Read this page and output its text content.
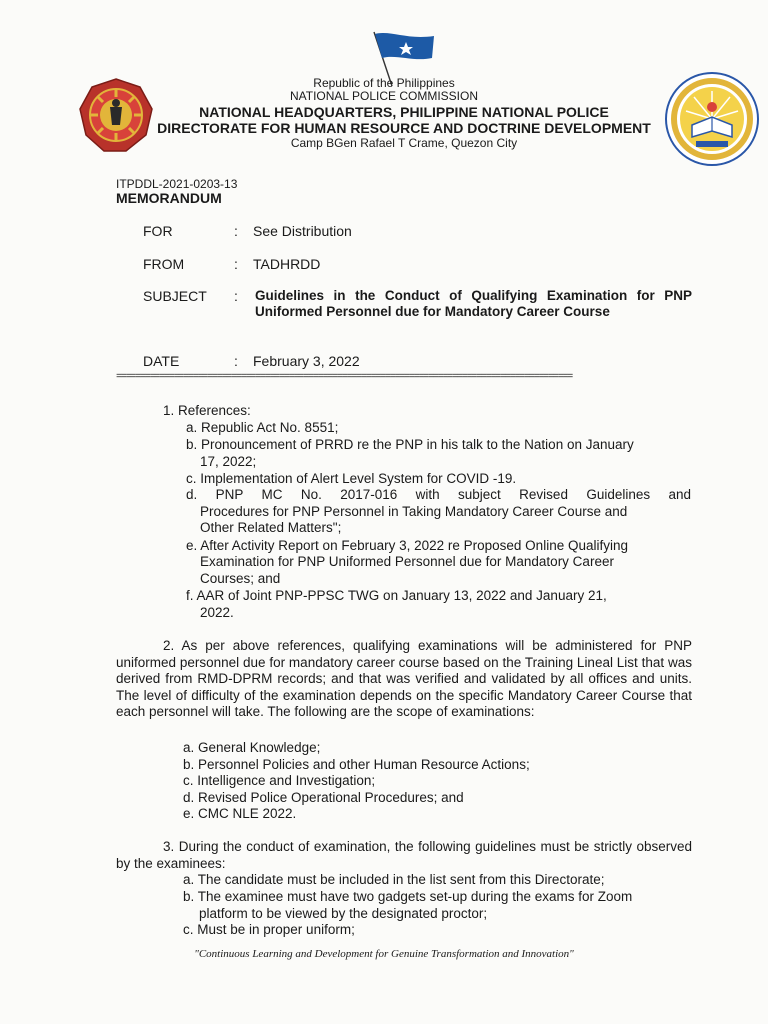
Republic of the Philippines
NATIONAL POLICE COMMISSION
NATIONAL HEADQUARTERS, PHILIPPINE NATIONAL POLICE
DIRECTORATE FOR HUMAN RESOURCE AND DOCTRINE DEVELOPMENT
Camp BGen Rafael T Crame, Quezon City
ITPDDL-2021-0203-13
MEMORANDUM
FOR	: See Distribution
FROM	: TADHRDD
SUBJECT : Guidelines in the Conduct of Qualifying Examination for PNP Uniformed Personnel due for Mandatory Career Course
DATE	: February 3, 2022
===============================================================================================
1. References:
a. Republic Act No. 8551;
b. Pronouncement of PRRD re the PNP in his talk to the Nation on January
17, 2022;
c. Implementation of Alert Level System for COVID -19.
d. PNP MC No. 2017-016 with subject Revised Guidelines and
Procedures for PNP Personnel in Taking Mandatory Career Course and
Other Related Matters";
e. After Activity Report on February 3, 2022 re Proposed Online Qualifying
Examination for PNP Uniformed Personnel due for Mandatory Career
Courses; and
f. AAR of Joint PNP-PPSC TWG on January 13, 2022 and January 21,
2022.
2. As per above references, qualifying examinations will be administered for PNP uniformed personnel due for mandatory career course based on the Training Lineal List that was derived from RMD-DPRM records; and that was verified and validated by all offices and units. The level of difficulty of the examination depends on the specific Mandatory Career Course that each personnel will take. The following are the scope of examinations:
a. General Knowledge;
b. Personnel Policies and other Human Resource Actions;
c. Intelligence and Investigation;
d. Revised Police Operational Procedures; and
e. CMC NLE 2022.
3. During the conduct of examination, the following guidelines must be strictly observed by the examinees:
a. The candidate must be included in the list sent from this Directorate;
b. The examinee must have two gadgets set-up during the exams for Zoom
platform to be viewed by the designated proctor;
c. Must be in proper uniform;
"Continuous Learning and Development for Genuine Transformation and Innovation"
